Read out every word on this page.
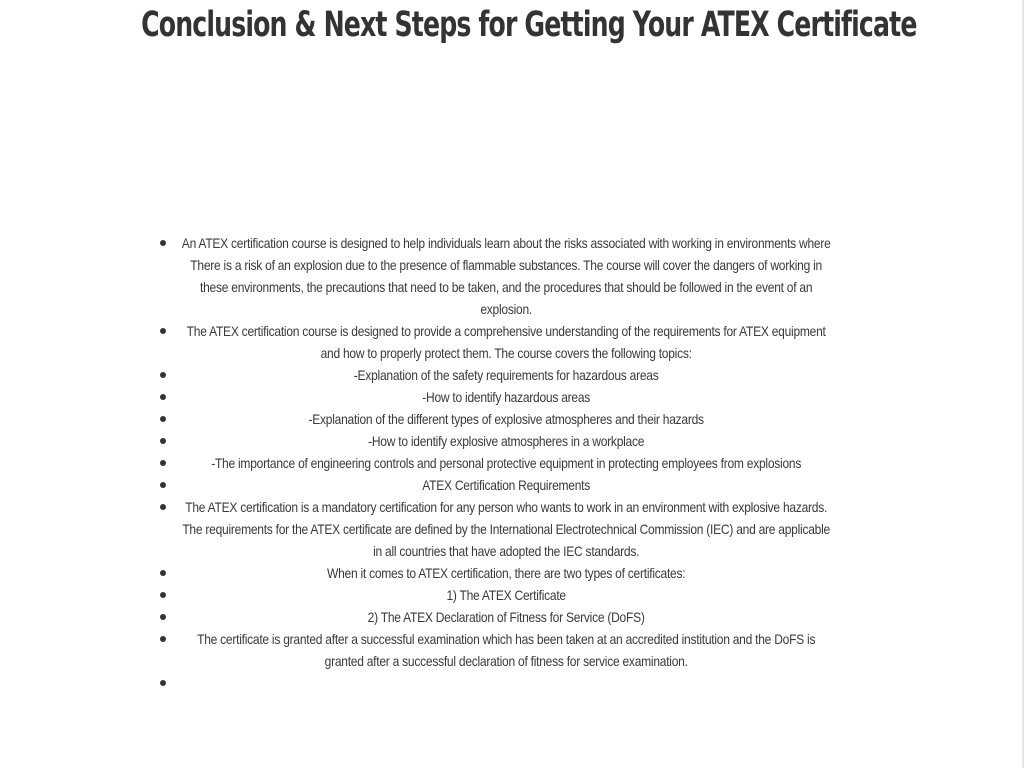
Conclusion & Next Steps for Getting Your ATEX Certificate
An ATEX certification course is designed to help individuals learn about the risks associated with working in environments where There is a risk of an explosion due to the presence of flammable substances. The course will cover the dangers of working in these environments, the precautions that need to be taken, and the procedures that should be followed in the event of an explosion.
The ATEX certification course is designed to provide a comprehensive understanding of the requirements for ATEX equipment and how to properly protect them. The course covers the following topics:
-Explanation of the safety requirements for hazardous areas
-How to identify hazardous areas
-Explanation of the different types of explosive atmospheres and their hazards
-How to identify explosive atmospheres in a workplace
-The importance of engineering controls and personal protective equipment in protecting employees from explosions
ATEX Certification Requirements
The ATEX certification is a mandatory certification for any person who wants to work in an environment with explosive hazards. The requirements for the ATEX certificate are defined by the International Electrotechnical Commission (IEC) and are applicable in all countries that have adopted the IEC standards.
When it comes to ATEX certification, there are two types of certificates:
1) The ATEX Certificate
2) The ATEX Declaration of Fitness for Service (DoFS)
The certificate is granted after a successful examination which has been taken at an accredited institution and the DoFS is granted after a successful declaration of fitness for service examination.
